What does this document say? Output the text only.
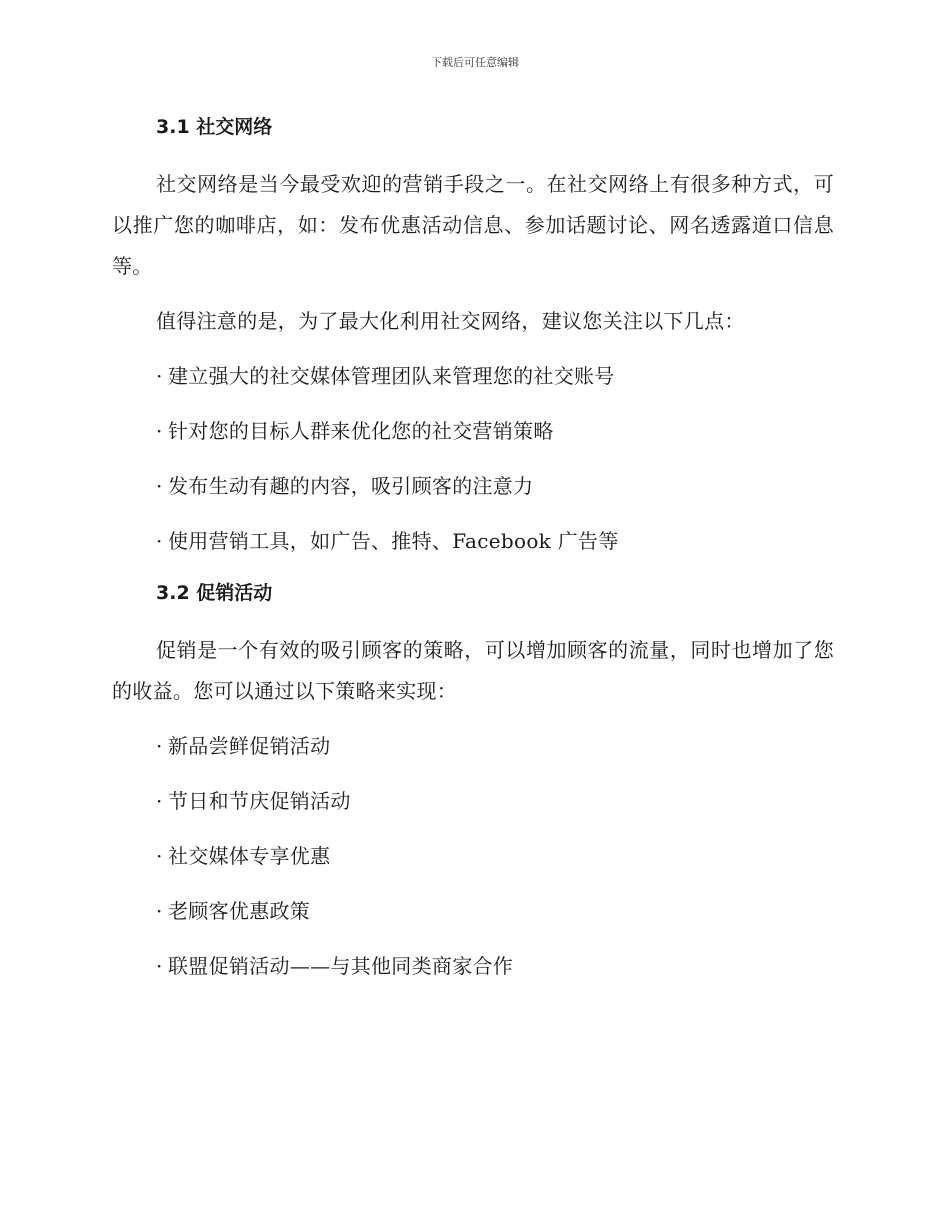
下载后可任意编辑
3.1 社交网络

社交网络是当今最受欢迎的营销手段之一。在社交网络上有很多种方式，可以推广您的咖啡店，如：发布优惠活动信息、参加话题讨论、网名透露道口信息等。

值得注意的是，为了最大化利用社交网络，建议您关注以下几点：

· 建立强大的社交媒体管理团队来管理您的社交账号
· 针对您的目标人群来优化您的社交营销策略
· 发布生动有趣的内容，吸引顾客的注意力
· 使用营销工具，如广告、推特、Facebook 广告等
3.2 促销活动

促销是一个有效的吸引顾客的策略，可以增加顾客的流量，同时也增加了您的收益。您可以通过以下策略来实现：

· 新品尝鲜促销活动
· 节日和节庆促销活动
· 社交媒体专享优惠
· 老顾客优惠政策
· 联盟促销活动——与其他同类商家合作
